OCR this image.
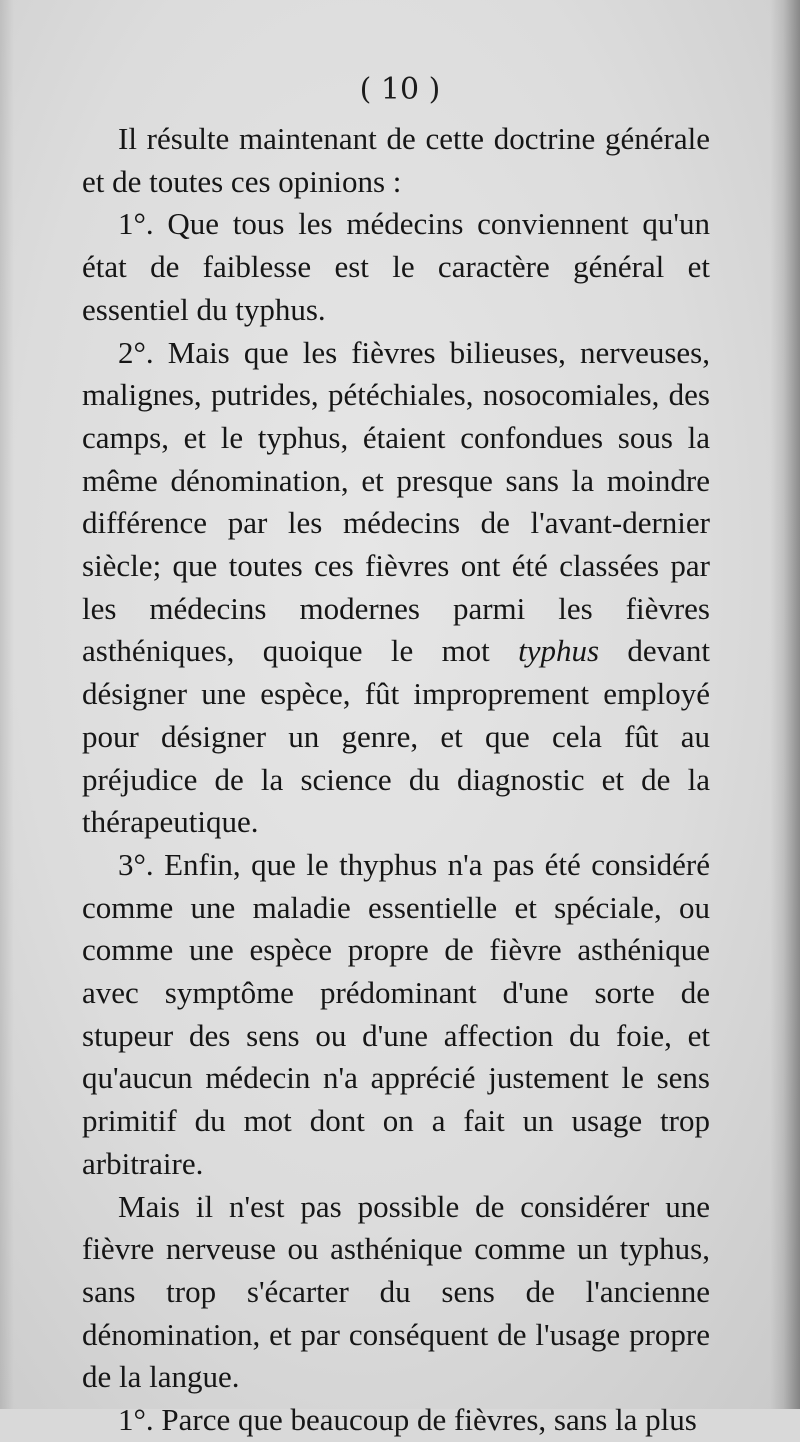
( 10 )

Il résulte maintenant de cette doctrine générale et de toutes ces opinions :

1°. Que tous les médecins conviennent qu'un état de faiblesse est le caractère général et essentiel du typhus.

2°. Mais que les fièvres bilieuses, nerveuses, malignes, putrides, pétéchiales, nosocomiales, des camps, et le typhus, étaient confondues sous la même dénomination, et presque sans la moindre différence par les médecins de l'avant-dernier siècle; que toutes ces fièvres ont été classées par les médecins modernes parmi les fièvres asthéniques, quoique le mot typhus devant désigner une espèce, fût improprement employé pour désigner un genre, et que cela fût au préjudice de la science du diagnostic et de la thérapeutique.

3°. Enfin, que le thyphus n'a pas été considéré comme une maladie essentielle et spéciale, ou comme une espèce propre de fièvre asthénique avec symptôme prédominant d'une sorte de stupeur des sens ou d'une affection du foie, et qu'aucun médecin n'a apprécié justement le sens primitif du mot dont on a fait un usage trop arbitraire.

Mais il n'est pas possible de considérer une fièvre nerveuse ou asthénique comme un typhus, sans trop s'écarter du sens de l'ancienne dénomination, et par conséquent de l'usage propre de la langue.

1°. Parce que beaucoup de fièvres, sans la plus
